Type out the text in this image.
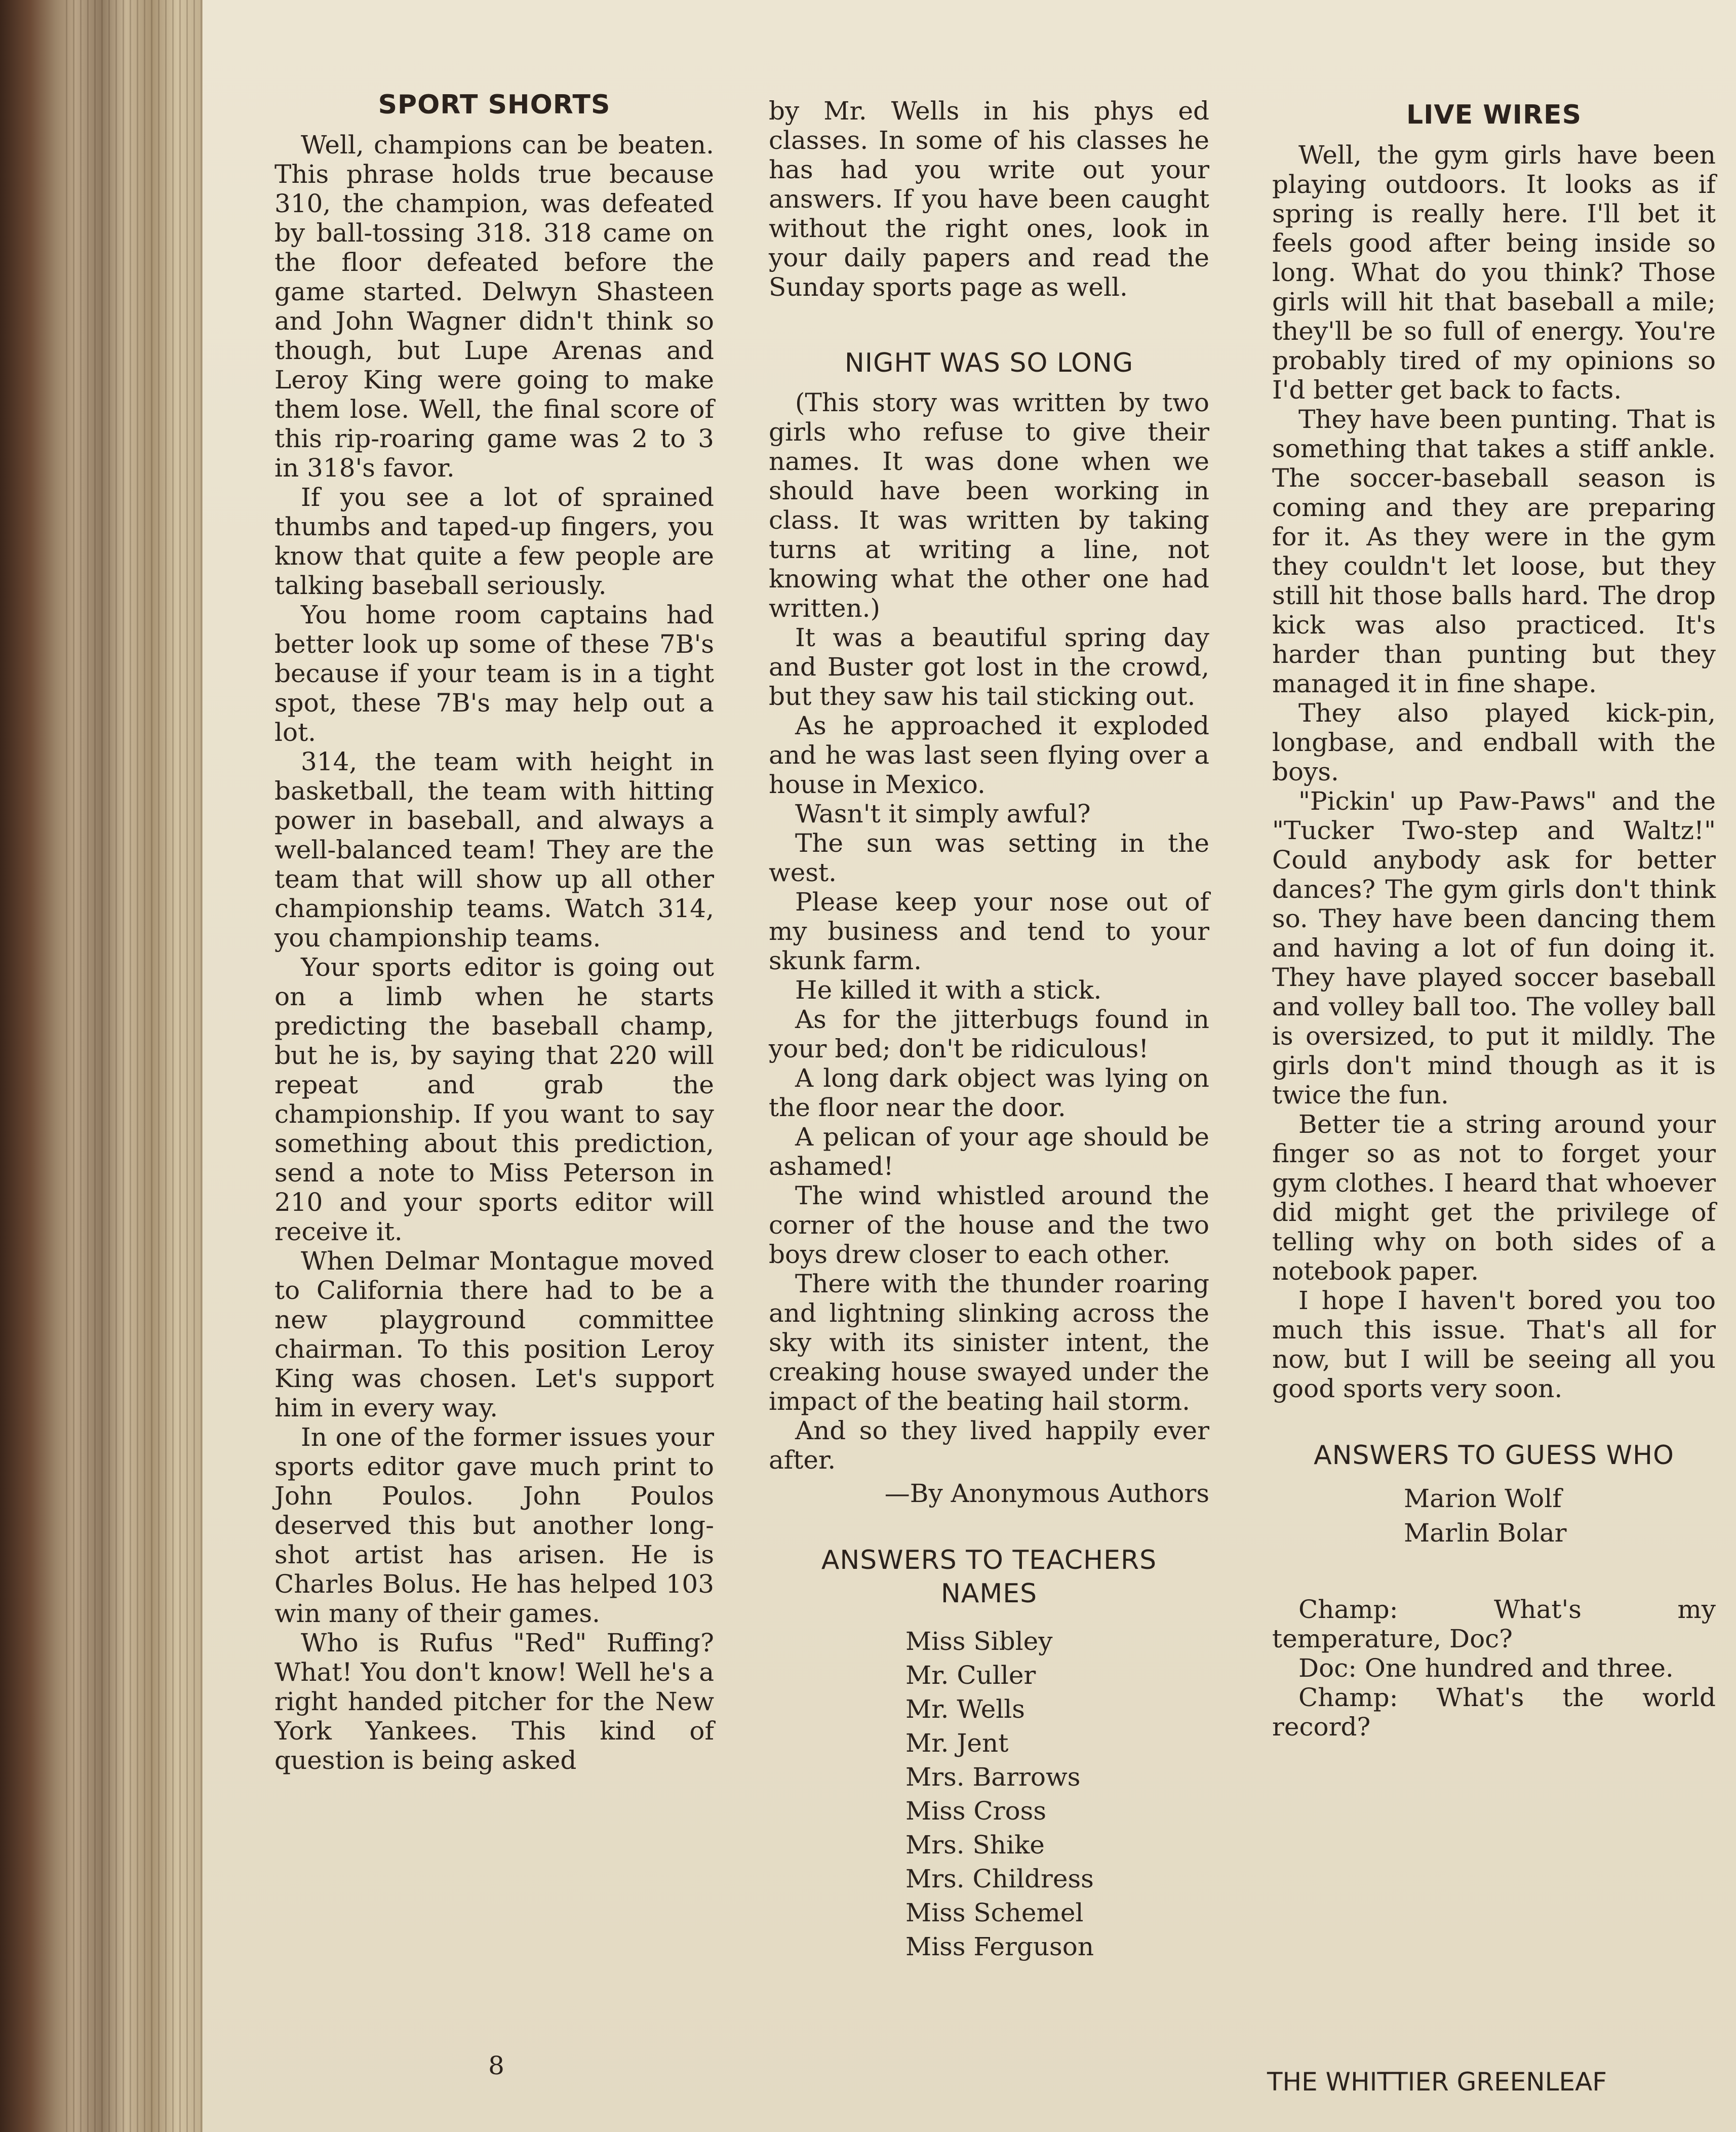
SPORT SHORTS

Well, champions can be beaten. This phrase holds true because 310, the champion, was defeated by ball-tossing 318. 318 came on the floor defeated before the game started. Delwyn Shasteen and John Wagner didn't think so though, but Lupe Arenas and Leroy King were going to make them lose. Well, the final score of this rip-roaring game was 2 to 3 in 318's favor.

If you see a lot of sprained thumbs and taped-up fingers, you know that quite a few people are talking baseball seriously.

You home room captains had better look up some of these 7B's because if your team is in a tight spot, these 7B's may help out a lot.

314, the team with height in basketball, the team with hitting power in baseball, and always a well-balanced team! They are the team that will show up all other championship teams. Watch 314, you championship teams.

Your sports editor is going out on a limb when he starts predicting the baseball champ, but he is, by saying that 220 will repeat and grab the championship. If you want to say something about this prediction, send a note to Miss Peterson in 210 and your sports editor will receive it.

When Delmar Montague moved to California there had to be a new playground committee chairman. To this position Leroy King was chosen. Let's support him in every way.

In one of the former issues your sports editor gave much print to John Poulos. John Poulos deserved this but another long-shot artist has arisen. He is Charles Bolus. He has helped 103 win many of their games.

Who is Rufus "Red" Ruffing? What! You don't know! Well he's a right handed pitcher for the New York Yankees. This kind of question is being asked

by Mr. Wells in his phys ed classes. In some of his classes he has had you write out your answers. If you have been caught without the right ones, look in your daily papers and read the Sunday sports page as well.

NIGHT WAS SO LONG

(This story was written by two girls who refuse to give their names. It was done when we should have been working in class. It was written by taking turns at writing a line, not knowing what the other one had written.)

It was a beautiful spring day and Buster got lost in the crowd, but they saw his tail sticking out.

As he approached it exploded and he was last seen flying over a house in Mexico.

Wasn't it simply awful?

The sun was setting in the west.

Please keep your nose out of my business and tend to your skunk farm.

He killed it with a stick.

As for the jitterbugs found in your bed; don't be ridiculous!

A long dark object was lying on the floor near the door.

A pelican of your age should be ashamed!

The wind whistled around the corner of the house and the two boys drew closer to each other.

There with the thunder roaring and lightning slinking across the sky with its sinister intent, the creaking house swayed under the impact of the beating hail storm.

And so they lived happily ever after.

—By Anonymous Authors

ANSWERS TO TEACHERS
NAMES
Miss Sibley
Mr. Culler
Mr. Wells
Mr. Jent
Mrs. Barrows
Miss Cross
Mrs. Shike
Mrs. Childress
Miss Schemel
Miss Ferguson
LIVE WIRES

Well, the gym girls have been playing outdoors. It looks as if spring is really here. I'll bet it feels good after being inside so long. What do you think? Those girls will hit that baseball a mile; they'll be so full of energy. You're probably tired of my opinions so I'd better get back to facts.

They have been punting. That is something that takes a stiff ankle. The soccer-baseball season is coming and they are preparing for it. As they were in the gym they couldn't let loose, but they still hit those balls hard. The drop kick was also practiced. It's harder than punting but they managed it in fine shape.

They also played kick-pin, longbase, and endball with the boys.

"Pickin' up Paw-Paws" and the "Tucker Two-step and Waltz!" Could anybody ask for better dances? The gym girls don't think so. They have been dancing them and having a lot of fun doing it. They have played soccer baseball and volley ball too. The volley ball is oversized, to put it mildly. The girls don't mind though as it is twice the fun.

Better tie a string around your finger so as not to forget your gym clothes. I heard that whoever did might get the privilege of telling why on both sides of a notebook paper.

I hope I haven't bored you too much this issue. That's all for now, but I will be seeing all you good sports very soon.

ANSWERS TO GUESS WHO
Marion Wolf
Marlin Bolar

Champ: What's my temperature, Doc?

Doc: One hundred and three.

Champ: What's the world record?

8
THE WHITTIER GREENLEAF
